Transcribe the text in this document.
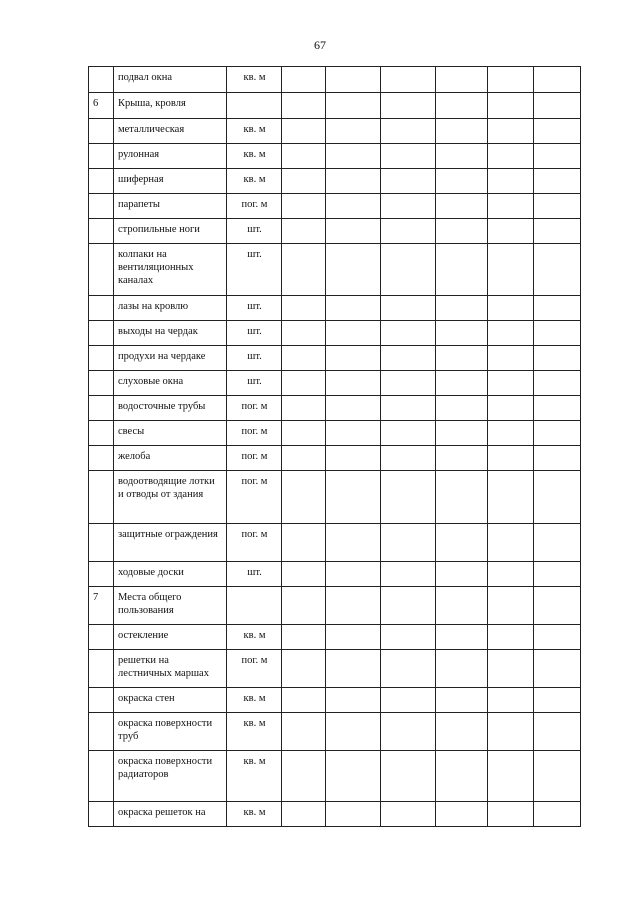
67
	подвал окна	кв. м						
6	Крыша, кровля							
	металлическая	кв. м						
	рулонная	кв. м						
	шиферная	кв. м						
	парапеты	пог. м						
	стропильные ноги	шт.						
	колпаки на вентиляционных каналах	шт.						
	лазы на кровлю	шт.						
	выходы на чердак	шт.						
	продухи на чердаке	шт.						
	слуховые окна	шт.						
	водосточные трубы	пог. м						
	свесы	пог. м						
	желоба	пог. м						
	водоотводящие лотки и отводы от здания	пог. м						
	защитные ограждения	пог. м						
	ходовые доски	шт.						
7	Места общего пользования							
	остекление	кв. м						
	решетки на лестничных маршах	пог. м						
	окраска стен	кв. м						
	окраска поверхности труб	кв. м						
	окраска поверхности радиаторов	кв. м						
	окраска решеток на	кв. м						
